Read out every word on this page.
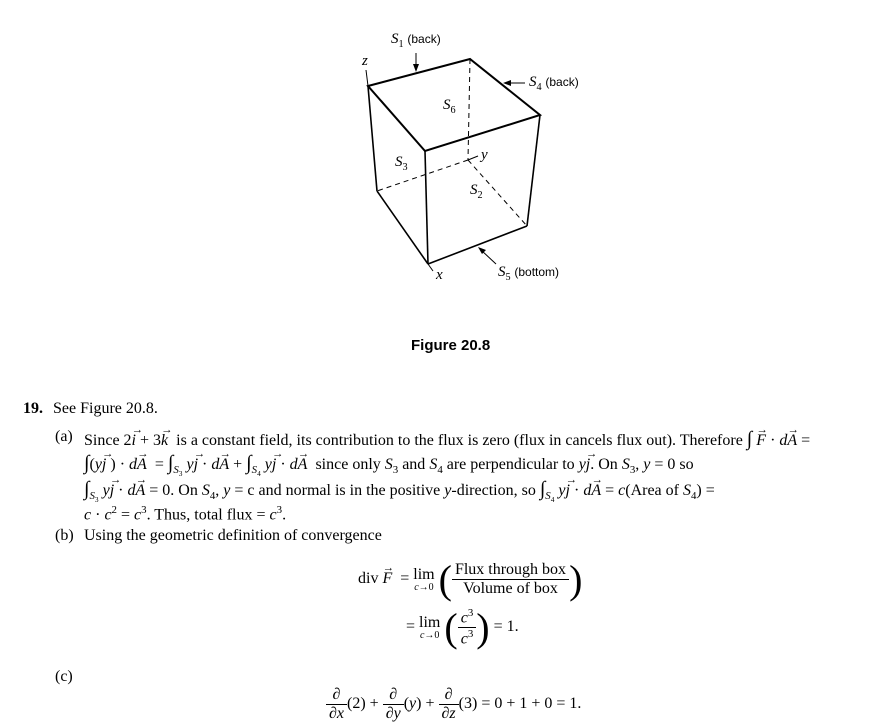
$S_1$ (back)
$S_4$ (back)
$S_5$ (bottom)
$S_6$
$S_3$
$S_2$
z
y
x
Figure 20.8
19. See Figure 20.8.
(a) Since 2→ i + 3→ k is a constant field, its contribution to the flux is zero (flux in cancels flux out). Therefore ∫ → F · d→ A =
∫(y→ j ) · $d\to A = \int_{S_3}$ $y\to j \cdot d\to A + \int_{S_4}$ y→ j · d→ A since only $S_3$ and $S_4$ are perpendicular to y→ j. On $S_3$, y = 0 so
$\int_{S_3}$ y→ j · d→ A = 0. On $S_4$, y = c and normal is in the positive y-direction, so $\int_{S_4}$ y→ j · d→ A = c(Area of $S_4$) =
$c \cdot c^2 = c^3$. Thus, total flux = $c^3$.
(b) Using the geometric definition of convergence
div → F  = lim
c→0 ( $\frac{\text{Flux through box}}{\text{Volume of box}}$ )
= lim
c→0 ( $\frac{c^3}{c^3}$ ) = 1.
(c)
$\frac{\partial}{\partial x} (2) + \frac{\partial}{\partial y} (y) + \frac{\partial}{\partial z} (3) = 0 + 1 + 0 = 1$.
